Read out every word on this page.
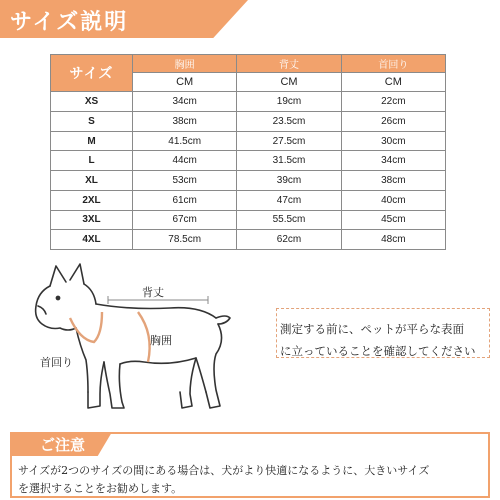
サイズ説明
サイズ	胸囲	背丈	首回り
	CM	CM	CM
XS	34cm	19cm	22cm
S	38cm	23.5cm	26cm
M	41.5cm	27.5cm	30cm
L	44cm	31.5cm	34cm
XL	53cm	39cm	38cm
2XL	61cm	47cm	40cm
3XL	67cm	55.5cm	45cm
4XL	78.5cm	62cm	48cm
背丈
胸囲
首回り
測定する前に、ペットが平らな表面
に立っていることを確認してください
ご注意
サイズが2つのサイズの間にある場合は、犬がより快適になるように、大きいサイズ
を選択することをお勧めします。
